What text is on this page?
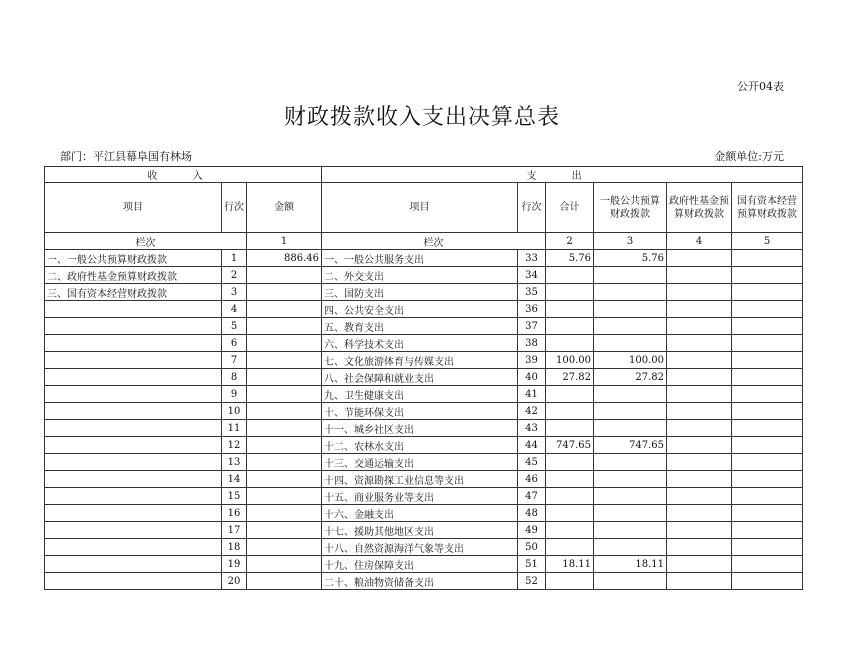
公开04表
财政拨款收入支出决算总表
部门：平江县幕阜国有林场	金额单位:万元
收 入			支 出					
项目	行次	金额	项目	行次	合计	一般公共预算财政拨款	政府性基金预算财政拨款	国有资本经营预算财政拨款
栏次		1	栏次		2	3	4	5
一、一般公共预算财政拨款	1	886.46	一、一般公共服务支出	33	5.76	5.76		
二、政府性基金预算财政拨款	2		二、外交支出	34				
三、国有资本经营财政拨款	3		三、国防支出	35				
	4		四、公共安全支出	36				
	5		五、教育支出	37				
	6		六、科学技术支出	38				
	7		七、文化旅游体育与传媒支出	39	100.00	100.00		
	8		八、社会保障和就业支出	40	27.82	27.82		
	9		九、卫生健康支出	41				
	10		十、节能环保支出	42				
	11		十一、城乡社区支出	43				
	12		十二、农林水支出	44	747.65	747.65		
	13		十三、交通运输支出	45				
	14		十四、资源勘探工业信息等支出	46				
	15		十五、商业服务业等支出	47				
	16		十六、金融支出	48				
	17		十七、援助其他地区支出	49				
	18		十八、自然资源海洋气象等支出	50				
	19		十九、住房保障支出	51	18.11	18.11		
	20		二十、粮油物资储备支出	52				
